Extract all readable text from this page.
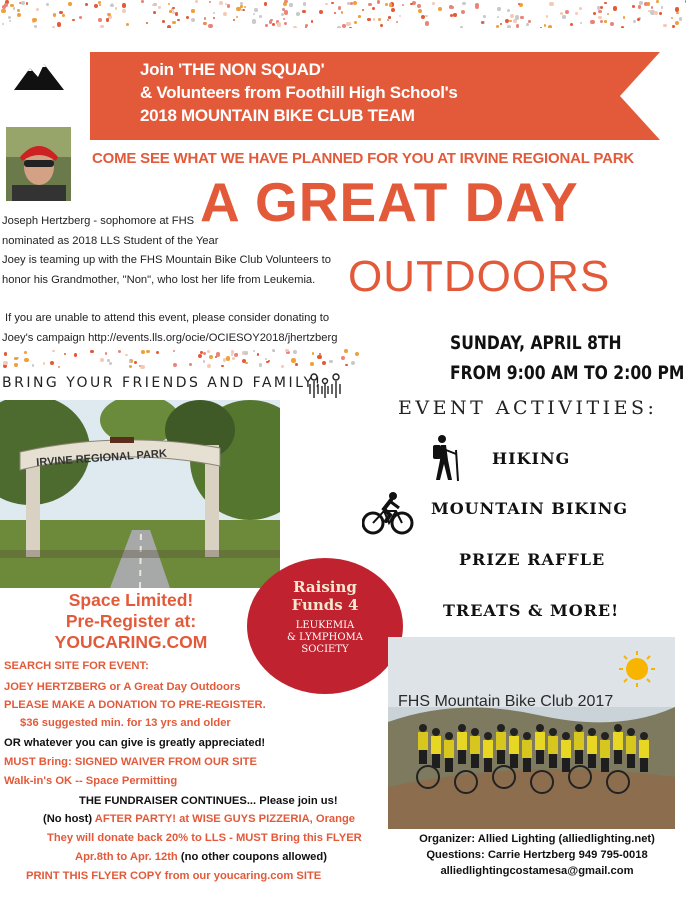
Join 'THE NON SQUAD'
& Volunteers from Foothill High School's
2018 MOUNTAIN BIKE CLUB TEAM
COME SEE WHAT WE HAVE PLANNED FOR YOU AT IRVINE REGIONAL PARK
A GREAT DAY
OUTDOORS
Joseph Hertzberg - sophomore at FHS
nominated as 2018 LLS Student of the Year
Joey is teaming up with the FHS Mountain Bike Club Volunteers to
honor his Grandmother, "Non", who lost her life from Leukemia.
If you are unable to attend this event, please consider donating to
Joey's campaign http://events.lls.org/ocie/OCIESOY2018/jhertzberg	SUNDAY, APRIL 8TH
FROM 9:00 AM TO 2:00 PM
BRING YOUR FRIENDS AND FAMILY!
EVENT ACTIVITIES:
HIKING
MOUNTAIN BIKING
PRIZE RAFFLE
TREATS & MORE!
IRVINE REGIONAL PARK
Raising
Funds 4
LEUKEMIA
& LYMPHOMA
SOCIETY
Space Limited!
Pre-Register at:
YOUCARING.COM
SEARCH SITE FOR EVENT:
JOEY HERTZBERG or A Great Day Outdoors
PLEASE MAKE A DONATION TO PRE-REGISTER.
$36 suggested min. for 13 yrs and older
OR whatever you can give is greatly appreciated!
MUST Bring: SIGNED WAIVER FROM OUR SITE
Walk-in's OK -- Space Permitting
THE FUNDRAISER CONTINUES... Please join us!
(No host) AFTER PARTY! at WISE GUYS PIZZERIA, Orange
They will donate back 20% to LLS - MUST Bring this FLYER
Apr.8th to Apr. 12th (no other coupons allowed)
PRINT THIS FLYER COPY from our youcaring.com SITE
FHS Mountain Bike Club 2017
Organizer: Allied Lighting (alliedlighting.net)
Questions: Carrie Hertzberg 949 795-0018
alliedlightingcostamesa@gmail.com
